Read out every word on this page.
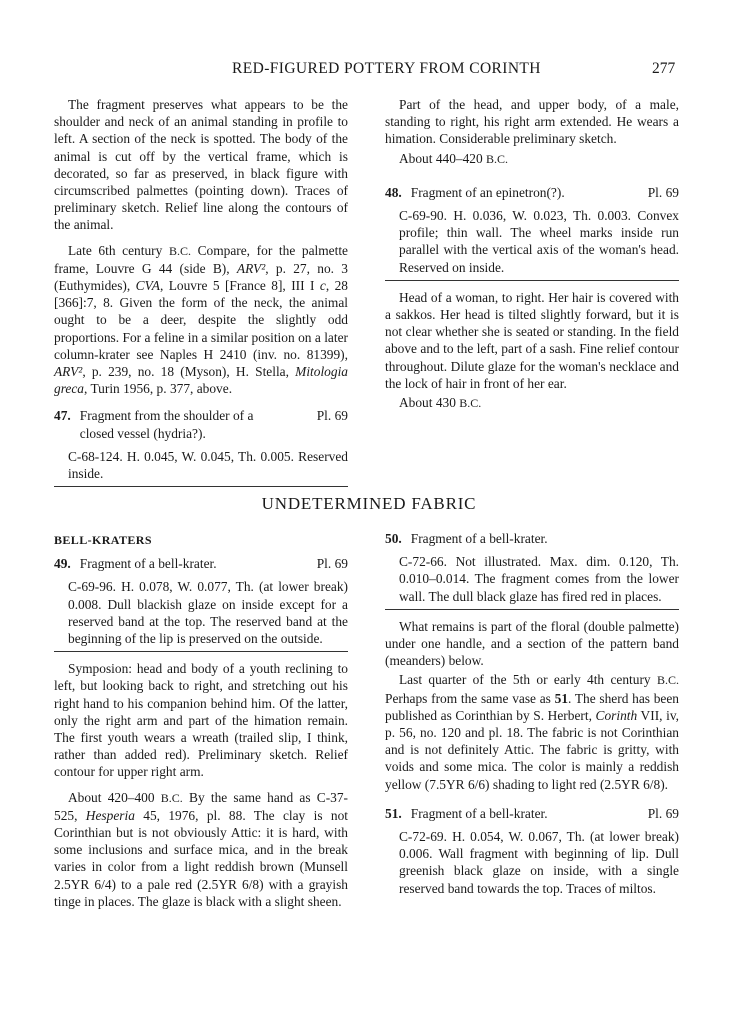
RED-FIGURED POTTERY FROM CORINTH	277

The fragment preserves what appears to be the shoulder and neck of an animal standing in profile to left. A section of the neck is spotted. The body of the animal is cut off by the vertical frame, which is decorated, so far as preserved, in black figure with circumscribed palmettes (pointing down). Traces of preliminary sketch. Relief line along the contours of the animal.

Late 6th century B.C. Compare, for the palmette frame, Louvre G 44 (side B), ARV², p. 27, no. 3 (Euthymides), CVA, Louvre 5 [France 8], III I c, 28 [366]:7, 8. Given the form of the neck, the animal ought to be a deer, despite the slightly odd proportions. For a feline in a similar position on a later column-krater see Naples H 2410 (inv. no. 81399), ARV², p. 239, no. 18 (Myson), H. Stella, Mitologia greca, Turin 1956, p. 377, above.

47. Fragment from the shoulder of a closed vessel (hydria?).
Pl. 69

C-68-124. H. 0.045, W. 0.045, Th. 0.005. Reserved inside.

Part of the head, and upper body, of a male, standing to right, his right arm extended. He wears a himation. Considerable preliminary sketch.

About 440–420 B.C.

48. Fragment of an epinetron(?).	Pl. 69

C-69-90. H. 0.036, W. 0.023, Th. 0.003. Convex profile; thin wall. The wheel marks inside run parallel with the vertical axis of the woman's head. Reserved on inside.

Head of a woman, to right. Her hair is covered with a sakkos. Her head is tilted slightly forward, but it is not clear whether she is seated or standing. In the field above and to the left, part of a sash. Fine relief contour throughout. Dilute glaze for the woman's necklace and the lock of hair in front of her ear.

About 430 B.C.

UNDETERMINED FABRIC
BELL-KRATERS
49. Fragment of a bell-krater.	Pl. 69

C-69-96. H. 0.078, W. 0.077, Th. (at lower break) 0.008. Dull blackish glaze on inside except for a reserved band at the top. The reserved band at the beginning of the lip is preserved on the outside.

Symposion: head and body of a youth reclining to left, but looking back to right, and stretching out his right hand to his companion behind him. Of the latter, only the right arm and part of the himation remain. The first youth wears a wreath (trailed slip, I think, rather than added red). Preliminary sketch. Relief contour for upper right arm.

About 420–400 B.C. By the same hand as C-37-525, Hesperia 45, 1976, pl. 88. The clay is not Corinthian but is not obviously Attic: it is hard, with some inclusions and surface mica, and in the break varies in color from a light reddish brown (Munsell 2.5YR 6/4) to a pale red (2.5YR 6/8) with a grayish tinge in places. The glaze is black with a slight sheen.

50. Fragment of a bell-krater.

C-72-66. Not illustrated. Max. dim. 0.120, Th. 0.010–0.014. The fragment comes from the lower wall. The dull black glaze has fired red in places.

What remains is part of the floral (double palmette) under one handle, and a section of the pattern band (meanders) below.

Last quarter of the 5th or early 4th century B.C. Perhaps from the same vase as 51. The sherd has been published as Corinthian by S. Herbert, Corinth VII, iv, p. 56, no. 120 and pl. 18. The fabric is not Corinthian and is not definitely Attic. The fabric is gritty, with voids and some mica. The color is mainly a reddish yellow (7.5YR 6/6) shading to light red (2.5YR 6/8).

51. Fragment of a bell-krater.	Pl. 69

C-72-69. H. 0.054, W. 0.067, Th. (at lower break) 0.006. Wall fragment with beginning of lip. Dull greenish black glaze on inside, with a single reserved band towards the top. Traces of miltos.
